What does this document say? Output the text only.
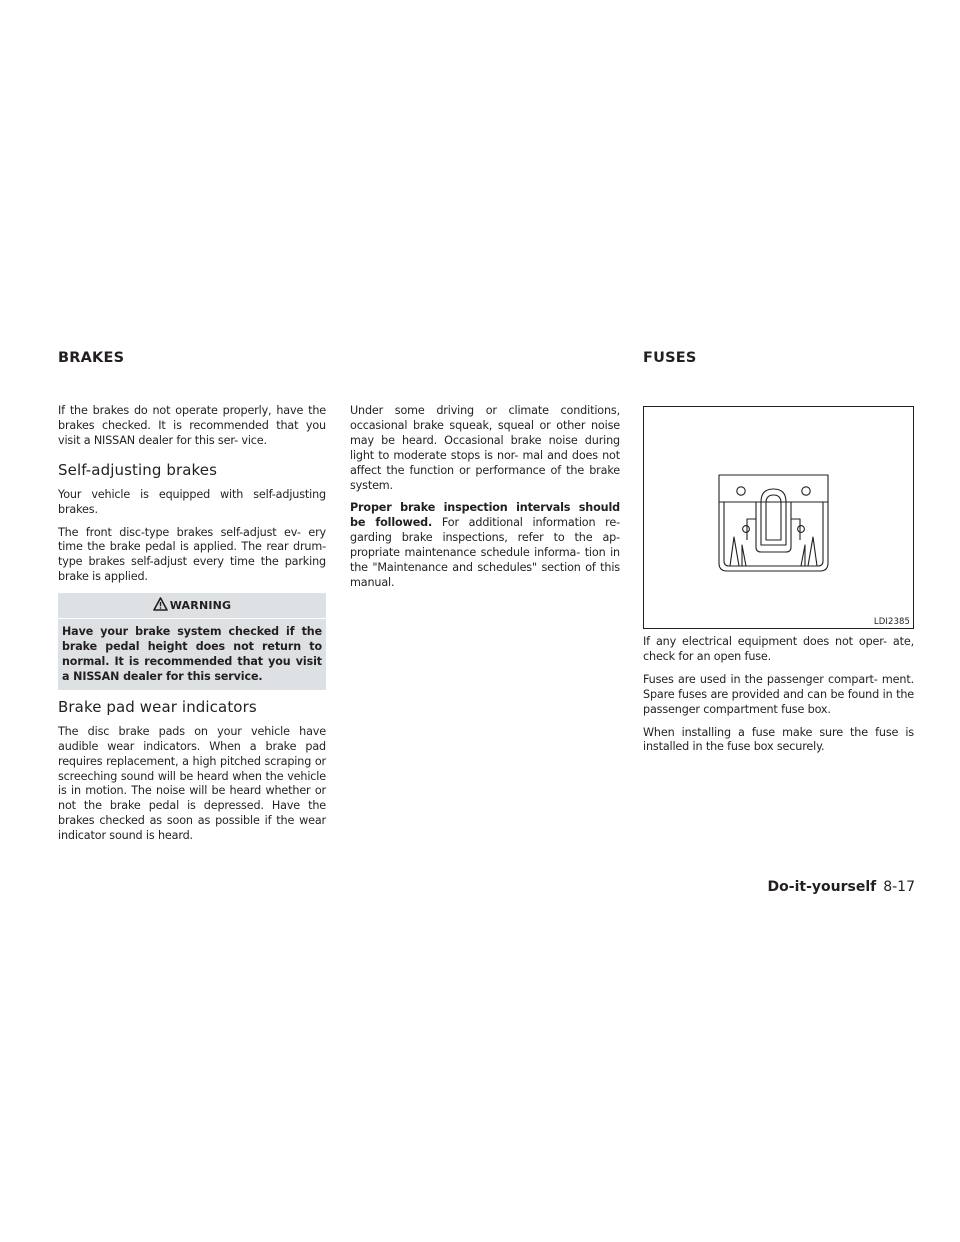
BRAKES	FUSES

If the brakes do not operate properly, have the brakes checked. It is recommended that you visit a NISSAN dealer for this ser- vice.

Self-adjusting brakes

Your vehicle is equipped with self-adjusting brakes.

The front disc-type brakes self-adjust ev- ery time the brake pedal is applied. The rear drum-type brakes self-adjust every time the parking brake is applied.

WARNING
Have your brake system checked if the brake pedal height does not return to normal. It is recommended that you visit a NISSAN dealer for this service.
Brake pad wear indicators

The disc brake pads on your vehicle have audible wear indicators. When a brake pad requires replacement, a high pitched scraping or screeching sound will be heard when the vehicle is in motion. The noise will be heard whether or not the brake pedal is depressed. Have the brakes checked as soon as possible if the wear indicator sound is heard.

Under some driving or climate conditions, occasional brake squeak, squeal or other noise may be heard. Occasional brake noise during light to moderate stops is nor- mal and does not affect the function or performance of the brake system.

Proper brake inspection intervals should be followed. For additional information re- garding brake inspections, refer to the ap- propriate maintenance schedule informa- tion in the "Maintenance and schedules" section of this manual.

LDI2385

If any electrical equipment does not oper- ate, check for an open fuse.

Fuses are used in the passenger compart- ment. Spare fuses are provided and can be found in the passenger compartment fuse box.

When installing a fuse make sure the fuse is installed in the fuse box securely.

Do-it-yourself 8-17
